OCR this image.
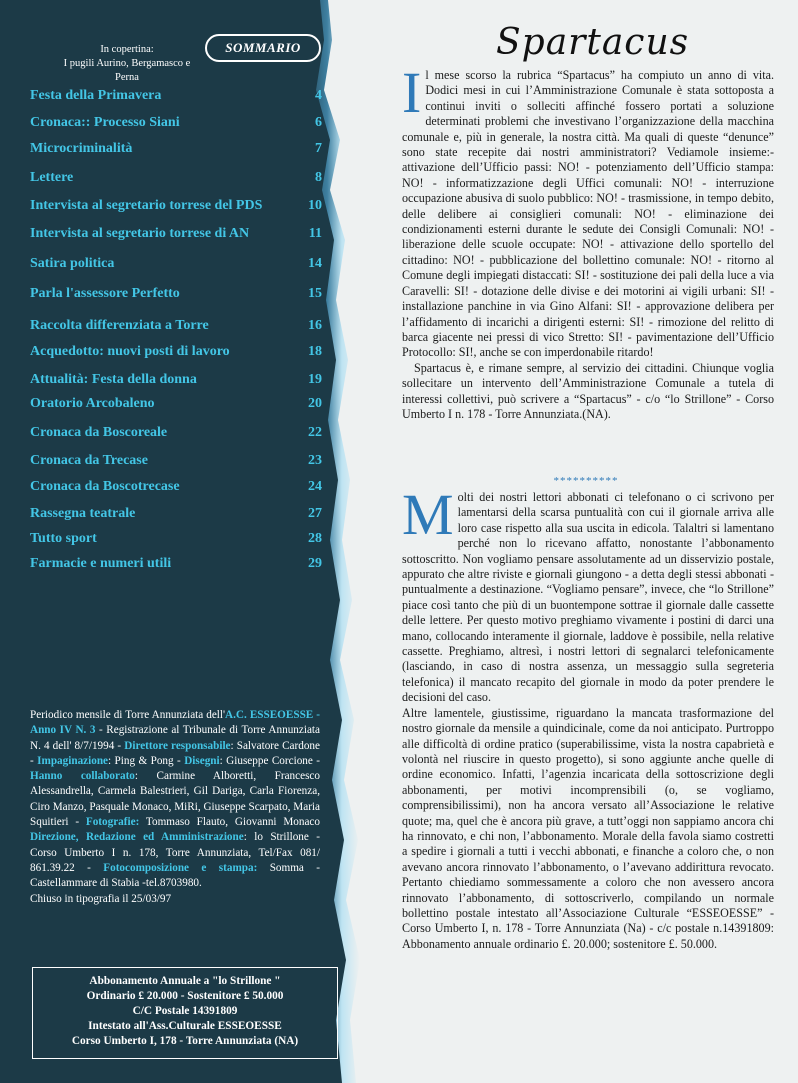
In copertina:
I pugili Aurino, Bergamasco e Perna
SOMMARIO
Festa della Primavera	4
Cronaca:: Processo Siani	6
Microcriminalità	7
Lettere	8
Intervista al segretario torrese del PDS	10
Intervista al segretario torrese di AN	11
Satira politica	14
Parla l'assessore Perfetto	15
Raccolta differenziata a Torre	16
Acquedotto: nuovi posti di lavoro	18
Attualità: Festa della donna	19
Oratorio Arcobaleno	20
Cronaca da Boscoreale	22
Cronaca da Trecase	23
Cronaca da Boscotrecase	24
Rassegna teatrale	27
Tutto sport	28
Farmacie e numeri utili	29
Periodico mensile di Torre Annunziata dell'A.C. ESSEOESSE - Anno IV N. 3 - Registrazione al Tribunale di Torre Annunziata N. 4 dell' 8/7/1994 - Direttore responsabile: Salvatore Cardone - Impaginazione: Ping & Pong - Disegni: Giuseppe Corcione - Hanno collaborato: Carmine Alboretti, Francesco Alessandrella, Carmela Balestrieri, Gil Dariga, Carla Fiorenza, Ciro Manzo, Pasquale Monaco, MiRi, Giuseppe Scarpato, Maria Squitieri - Fotografie: Tommaso Flauto, Giovanni Monaco Direzione, Redazione ed Amministrazione: lo Strillone - Corso Umberto I n. 178, Torre Annunziata, Tel/Fax 081/ 861.39.22 - Fotocomposizione e stampa: Somma - Castellammare di Stabia -tel.8703980.
Chiuso in tipografia il 25/03/97
Abbonamento Annuale a "lo Strillone "
Ordinario £ 20.000 - Sostenitore £ 50.000
C/C Postale 14391809
Intestato all'Ass.Culturale ESSEOESSE
Corso Umberto I, 178 - Torre Annunziata (NA)
Spartacus

Il mese scorso la rubrica “Spartacus” ha compiuto un anno di vita. Dodici mesi in cui l’Amministrazione Comunale è stata sottoposta a continui inviti o solleciti affinché fossero portati a soluzione determinati problemi che investivano l’organizzazione della macchina comunale e, più in generale, la nostra città. Ma quali di queste “denunce” sono state recepite dai nostri amministratori? Vediamole insieme:- attivazione dell’Ufficio passi: NO! - potenziamento dell’Ufficio stampa: NO! - informatizzazione degli Uffici comunali: NO! - interruzione occupazione abusiva di suolo pubblico: NO! - trasmissione, in tempo debito, delle delibere ai consiglieri comunali: NO! - eliminazione dei condizionamenti esterni durante le sedute dei Consigli Comunali: NO! - liberazione delle scuole occupate: NO! - attivazione dello sportello del cittadino: NO! - pubblicazione del bollettino comunale: NO! - ritorno al Comune degli impiegati distaccati: SI! - sostituzione dei pali della luce a via Caravelli: SI! - dotazione delle divise e dei motorini ai vigili urbani: SI! - installazione panchine in via Gino Alfani: SI! - approvazione delibera per l’affidamento di incarichi a dirigenti esterni: SI! - rimozione del relitto di barca giacente nei pressi di vico Stretto: SI! - pavimentazione dell’Ufficio Protocollo: SI!, anche se con imperdonabile ritardo!

Spartacus è, e rimane sempre, al servizio dei cittadini. Chiunque voglia sollecitare un intervento dell’Amministrazione Comunale a tutela di interessi collettivi, può scrivere a “Spartacus” - c/o “lo Strillone” - Corso Umberto I n. 178 - Torre Annunziata.(NA).

**********

Molti dei nostri lettori abbonati ci telefonano o ci scrivono per lamentarsi della scarsa puntualità con cui il giornale arriva alle loro case rispetto alla sua uscita in edicola. Talaltri si lamentano perché non lo ricevano affatto, nonostante l’abbonamento sottoscritto. Non vogliamo pensare assolutamente ad un disservizio postale, appurato che altre riviste e giornali giungono - a detta degli stessi abbonati - puntualmente a destinazione. “Vogliamo pensare”, invece, che “lo Strillone” piace così tanto che più di un buontempone sottrae il giornale dalle cassette delle lettere. Per questo motivo preghiamo vivamente i postini di darci una mano, collocando interamente il giornale, laddove è possibile, nella relative cassette. Preghiamo, altresì, i nostri lettori di segnalarci telefonicamente (lasciando, in caso di nostra assenza, un messaggio sulla segreteria telefonica) il mancato recapito del giornale in modo da poter prendere le decisioni del caso.

Altre lamentele, giustissime, riguardano la mancata trasformazione del nostro giornale da mensile a quindicinale, come da noi anticipato. Purtroppo alle difficoltà di ordine pratico (superabilissime, vista la nostra capabrietà e volontà nel riuscire in questo progetto), si sono aggiunte anche quelle di ordine economico. Infatti, l’agenzia incaricata della sottoscrizione degli abbonamenti, per motivi incomprensibili (o, se vogliamo, comprensibilissimi), non ha ancora versato all’Associazione le relative quote; ma, quel che è ancora più grave, a tutt’oggi non sappiamo ancora chi ha rinnovato, e chi non, l’abbonamento. Morale della favola siamo costretti a spedire i giornali a tutti i vecchi abbonati, e finanche a coloro che, o non avevano ancora rinnovato l’abbonamento, o l’avevano addirittura revocato. Pertanto chiediamo sommessamente a coloro che non avessero ancora rinnovato l’abbonamento, di sottoscriverlo, compilando un normale bollettino postale intestato all’Associazione Culturale “ESSEOESSE” - Corso Umberto I, n. 178 - Torre Annunziata (Na) - c/c postale n.14391809: Abbonamento annuale ordinario £. 20.000; sostenitore £. 50.000.
